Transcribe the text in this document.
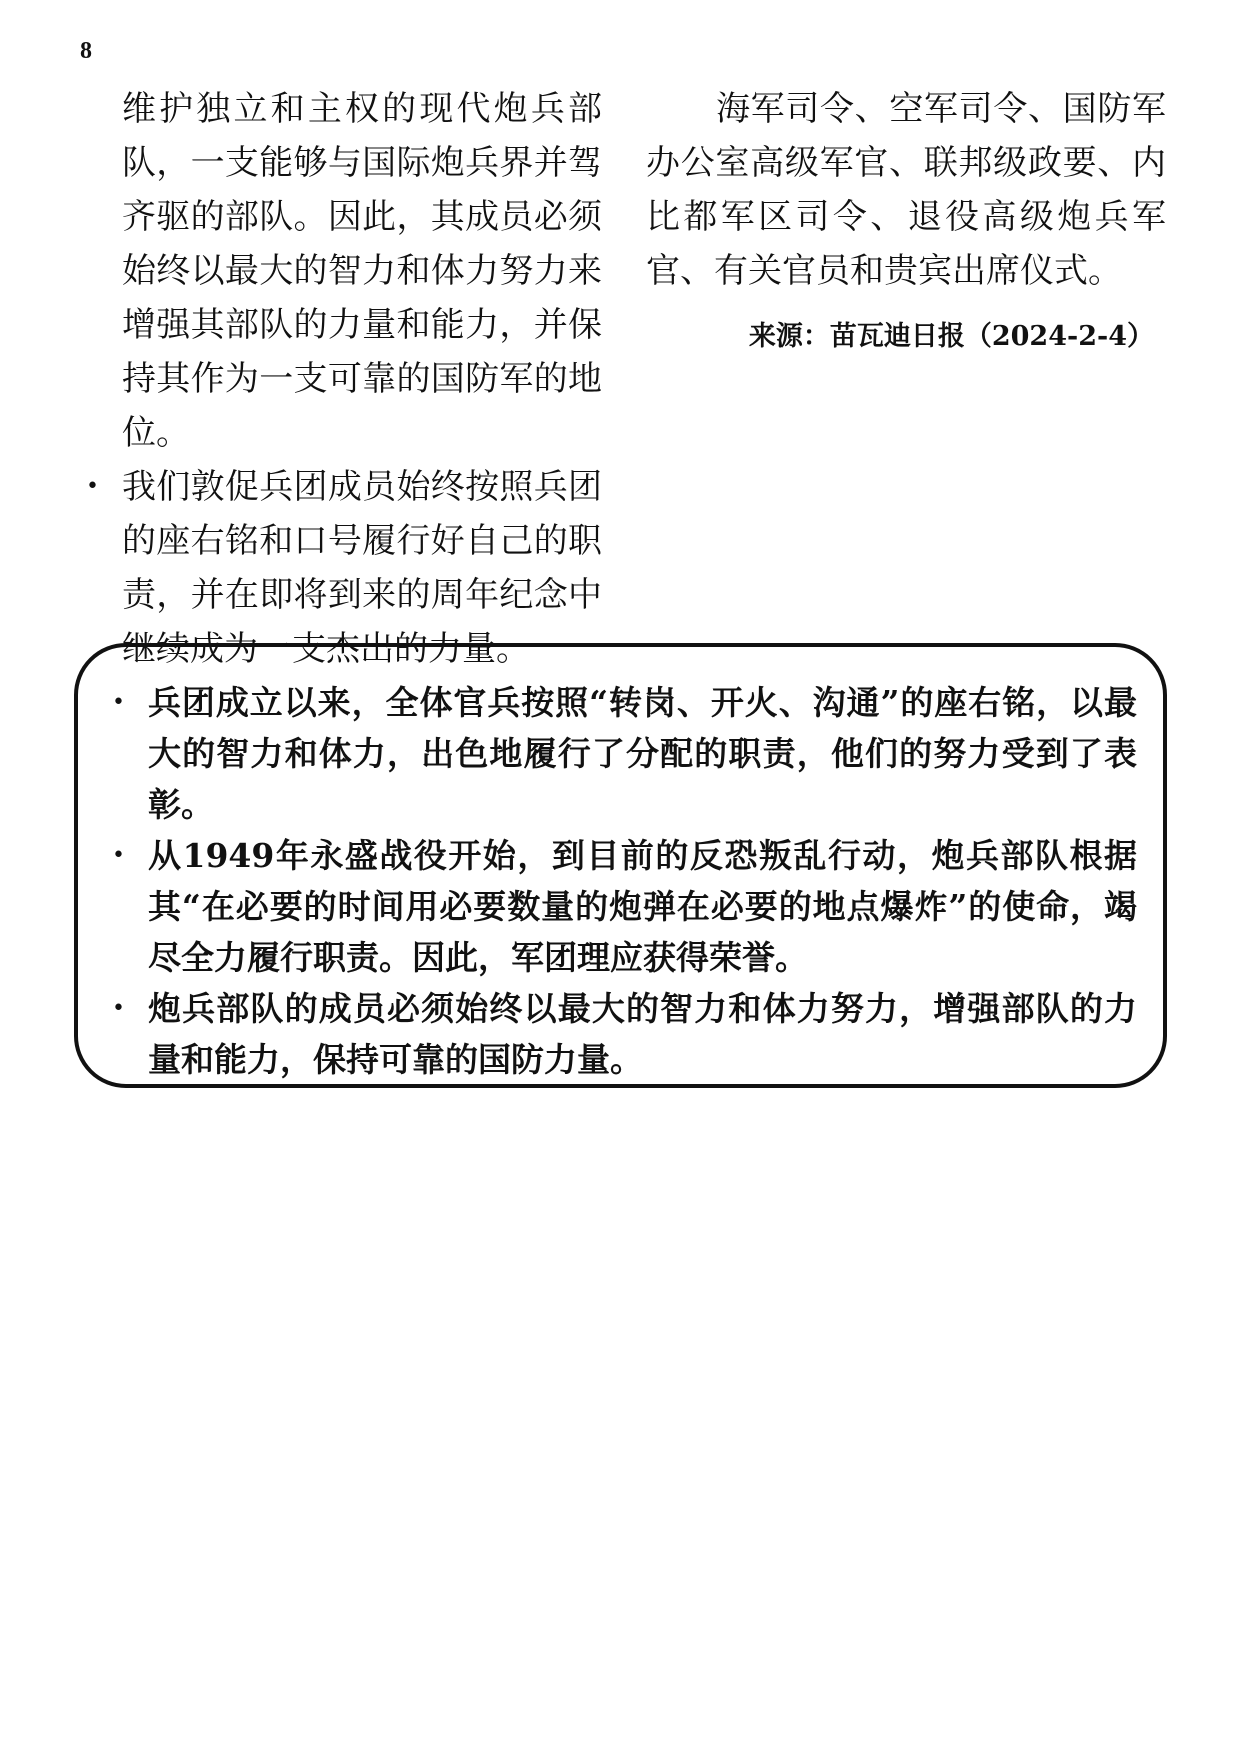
8

维护独立和主权的现代炮兵部队，一支能够与国际炮兵界并驾齐驱的部队。因此，其成员必须始终以最大的智力和体力努力来增强其部队的力量和能力，并保持其作为一支可靠的国防军的地位。

• 我们敦促兵团成员始终按照兵团的座右铭和口号履行好自己的职责，并在即将到来的周年纪念中继续成为一支杰出的力量。

海军司令、空军司令、国防军办公室高级军官、联邦级政要、内比都军区司令、退役高级炮兵军官、有关官员和贵宾出席仪式。

来源：苗瓦迪日报（2024-2-4）
• 兵团成立以来，全体官兵按照“转岗、开火、沟通”的座右铭，以最大的智力和体力，出色地履行了分配的职责，他们的努力受到了表彰。
• 从1949年永盛战役开始，到目前的反恐叛乱行动，炮兵部队根据其“在必要的时间用必要数量的炮弹在必要的地点爆炸”的使命，竭尽全力履行职责。因此，军团理应获得荣誉。
• 炮兵部队的成员必须始终以最大的智力和体力努力，增强部队的力量和能力，保持可靠的国防力量。
